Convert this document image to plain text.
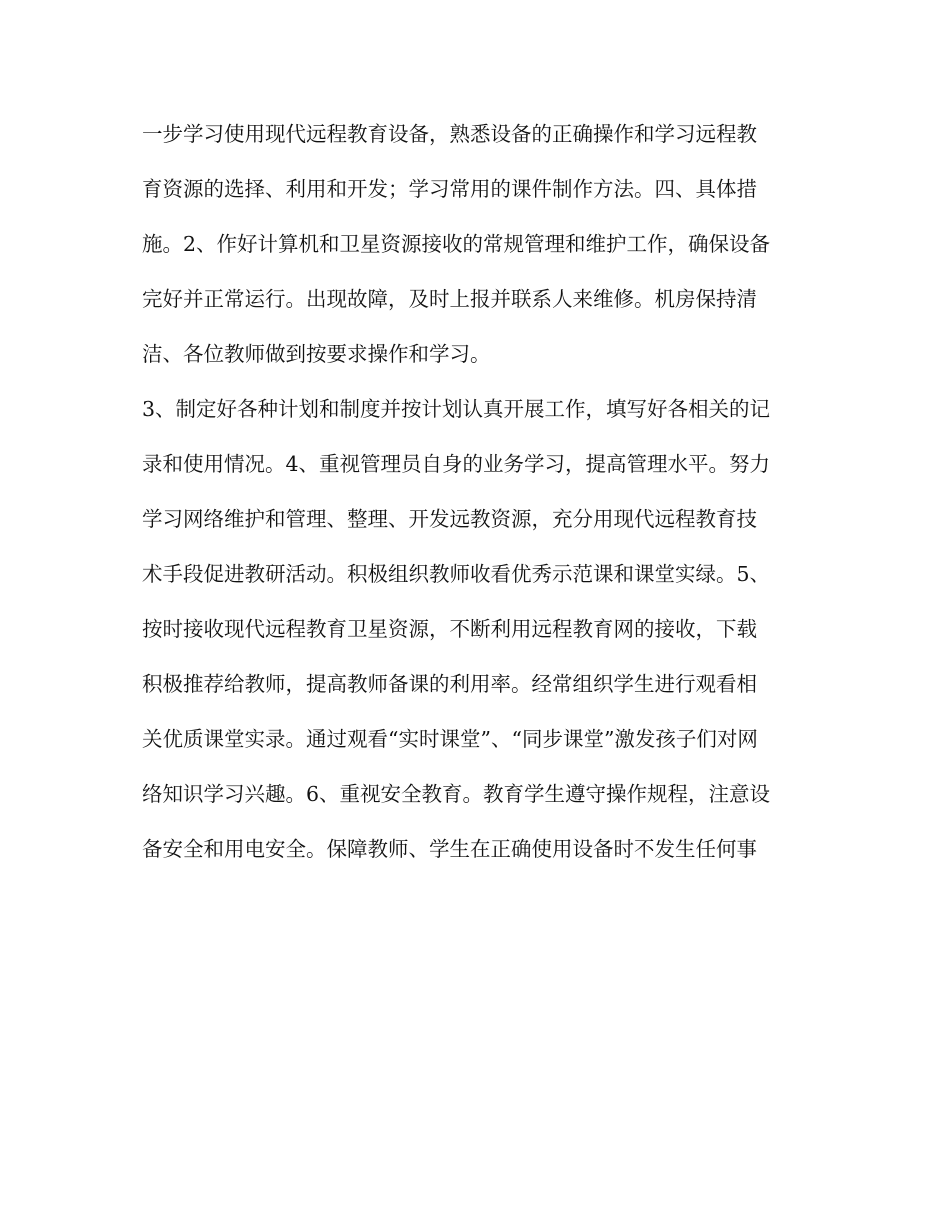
一步学习使用现代远程教育设备，熟悉设备的正确操作和学习远程教
育资源的选择、利用和开发；学习常用的课件制作方法。四、具体措
施。2、作好计算机和卫星资源接收的常规管理和维护工作，确保设备
完好并正常运行。出现故障，及时上报并联系人来维修。机房保持清
洁、各位教师做到按要求操作和学习。
3、制定好各种计划和制度并按计划认真开展工作，填写好各相关的记
录和使用情况。4、重视管理员自身的业务学习，提高管理水平。努力
学习网络维护和管理、整理、开发远教资源，充分用现代远程教育技
术手段促进教研活动。积极组织教师收看优秀示范课和课堂实绿。5、
按时接收现代远程教育卫星资源，不断利用远程教育网的接收，下载
积极推荐给教师，提高教师备课的利用率。经常组织学生进行观看相
关优质课堂实录。通过观看“实时课堂”、“同步课堂”激发孩子们对网
络知识学习兴趣。6、重视安全教育。教育学生遵守操作规程，注意设
备安全和用电安全。保障教师、学生在正确使用设备时不发生任何事
